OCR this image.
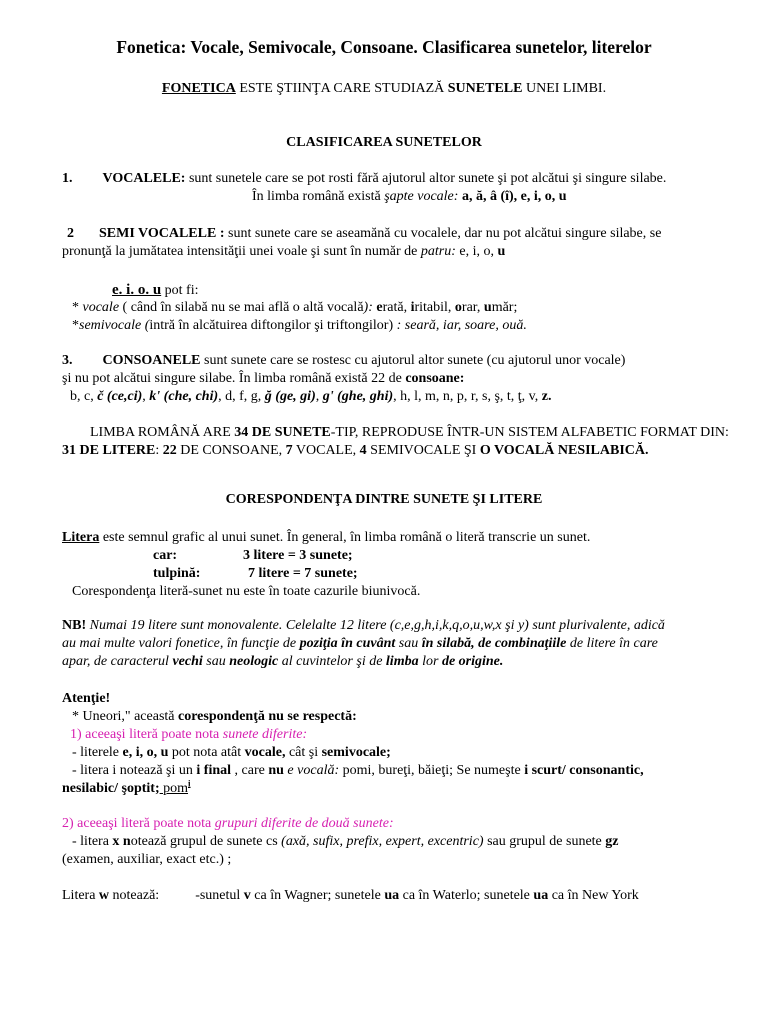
Fonetica: Vocale, Semivocale, Consoane. Clasificarea sunetelor, literelor
FONETICA ESTE ŞTIINŢA CARE STUDIAZĂ SUNETELE UNEI LIMBI.
CLASIFICAREA SUNETELOR
1. VOCALELE: sunt sunetele care se pot rosti fără ajutorul altor sunete şi pot alcătui şi singure silabe.
În limba română există şapte vocale: a, ă, â (î), e, i, o, u
2 SEMI VOCALELE : sunt sunete care se aseamănă cu vocalele, dar nu pot alcătui singure silabe, se
pronunţă la jumătatea intensităţii unei voale şi sunt în număr de patru: e, i, o, u
e. i. o. u pot fi:
* vocale ( când în silabă nu se mai află o altă vocală): erată, iritabil, orar, umăr;
*semivocale (intră în alcătuirea diftongilor şi triftongilor) : seară, iar, soare, ouă.
3. CONSOANELE sunt sunete care se rostesc cu ajutorul altor sunete (cu ajutorul unor vocale)
şi nu pot alcătui singure silabe. În limba română există 22 de consoane:
b, c, č (ce,ci), k' (che, chi), d, f, g, ğ (ge, gi), g' (ghe, ghi), h, l, m, n, p, r, s, ş, t, ţ, v, z.
LIMBA ROMÂNĂ ARE 34 DE SUNETE-TIP, REPRODUSE ÎNTR-UN SISTEM ALFABETIC FORMAT DIN:
31 DE LITERE: 22 DE CONSOANE, 7 VOCALE, 4 SEMIVOCALE ŞI O VOCALĂ NESILABICĂ.
CORESPONDENŢA DINTRE SUNETE ŞI LITERE
Litera este semnul grafic al unui sunet. În general, în limba română o literă transcrie un sunet.
car:	3 litere = 3 sunete;
tulpină:	7 litere = 7 sunete;
Corespondenţa literă-sunet nu este în toate cazurile biunivocă.
NB! Numai 19 litere sunt monovalente. Celelalte 12 litere (c,e,g,h,i,k,q,o,u,w,x şi y) sunt plurivalente, adică
au mai multe valori fonetice, în funcţie de poziţia în cuvânt sau în silabă, de combinaţiile de litere în care
apar, de caracterul vechi sau neologic al cuvintelor şi de limba lor de origine.
Atenţie!
* Uneori," această corespondenţă nu se respectă:
1) aceeaşi literă poate nota sunete diferite:
- literele e, i, o, u pot nota atât vocale, cât şi semivocale;
- litera i notează şi un i final , care nu e vocală: pomi, bureţi, băieţi; Se numeşte i scurt/ consonantic,
nesilabic/ şoptit; pom$^i$
2) aceeaşi literă poate nota grupuri diferite de două sunete:
- litera x notează grupul de sunete cs (axă, sufix, prefix, expert, excentric) sau grupul de sunete gz
(examen, auxiliar, exact etc.) ;
Litera w notează:	-sunetul v ca în Wagner; sunetele ua ca în Waterlo; sunetele ua ca în New York
